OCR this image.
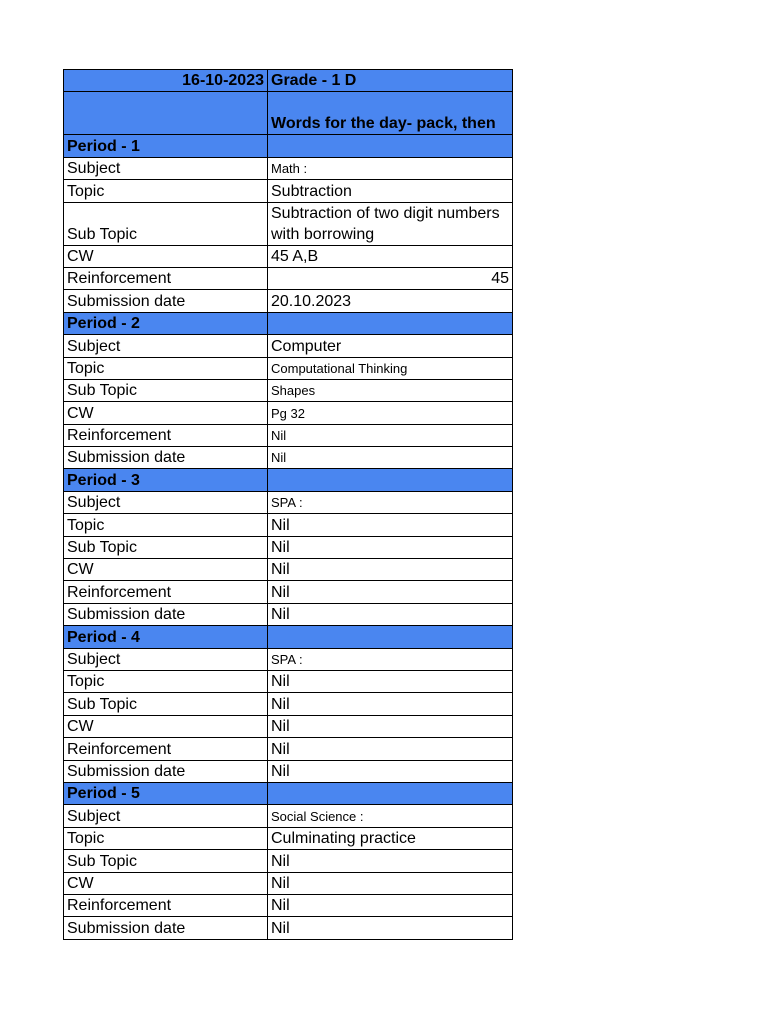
16-10-2023	Grade - 1 D
	Words for the day- pack, then
Period - 1	
Subject	Math :
Topic	Subtraction
Sub Topic	Subtraction of two digit numbers with borrowing
CW	45 A,B
Reinforcement	45
Submission date	20.10.2023
Period - 2	
Subject	Computer
Topic	Computational Thinking
Sub Topic	Shapes
CW	Pg 32
Reinforcement	Nil
Submission date	Nil
Period - 3	
Subject	SPA :
Topic	Nil
Sub Topic	Nil
CW	Nil
Reinforcement	Nil
Submission date	Nil
Period - 4	
Subject	SPA :
Topic	Nil
Sub Topic	Nil
CW	Nil
Reinforcement	Nil
Submission date	Nil
Period - 5	
Subject	Social Science :
Topic	Culminating practice
Sub Topic	Nil
CW	Nil
Reinforcement	Nil
Submission date	Nil
